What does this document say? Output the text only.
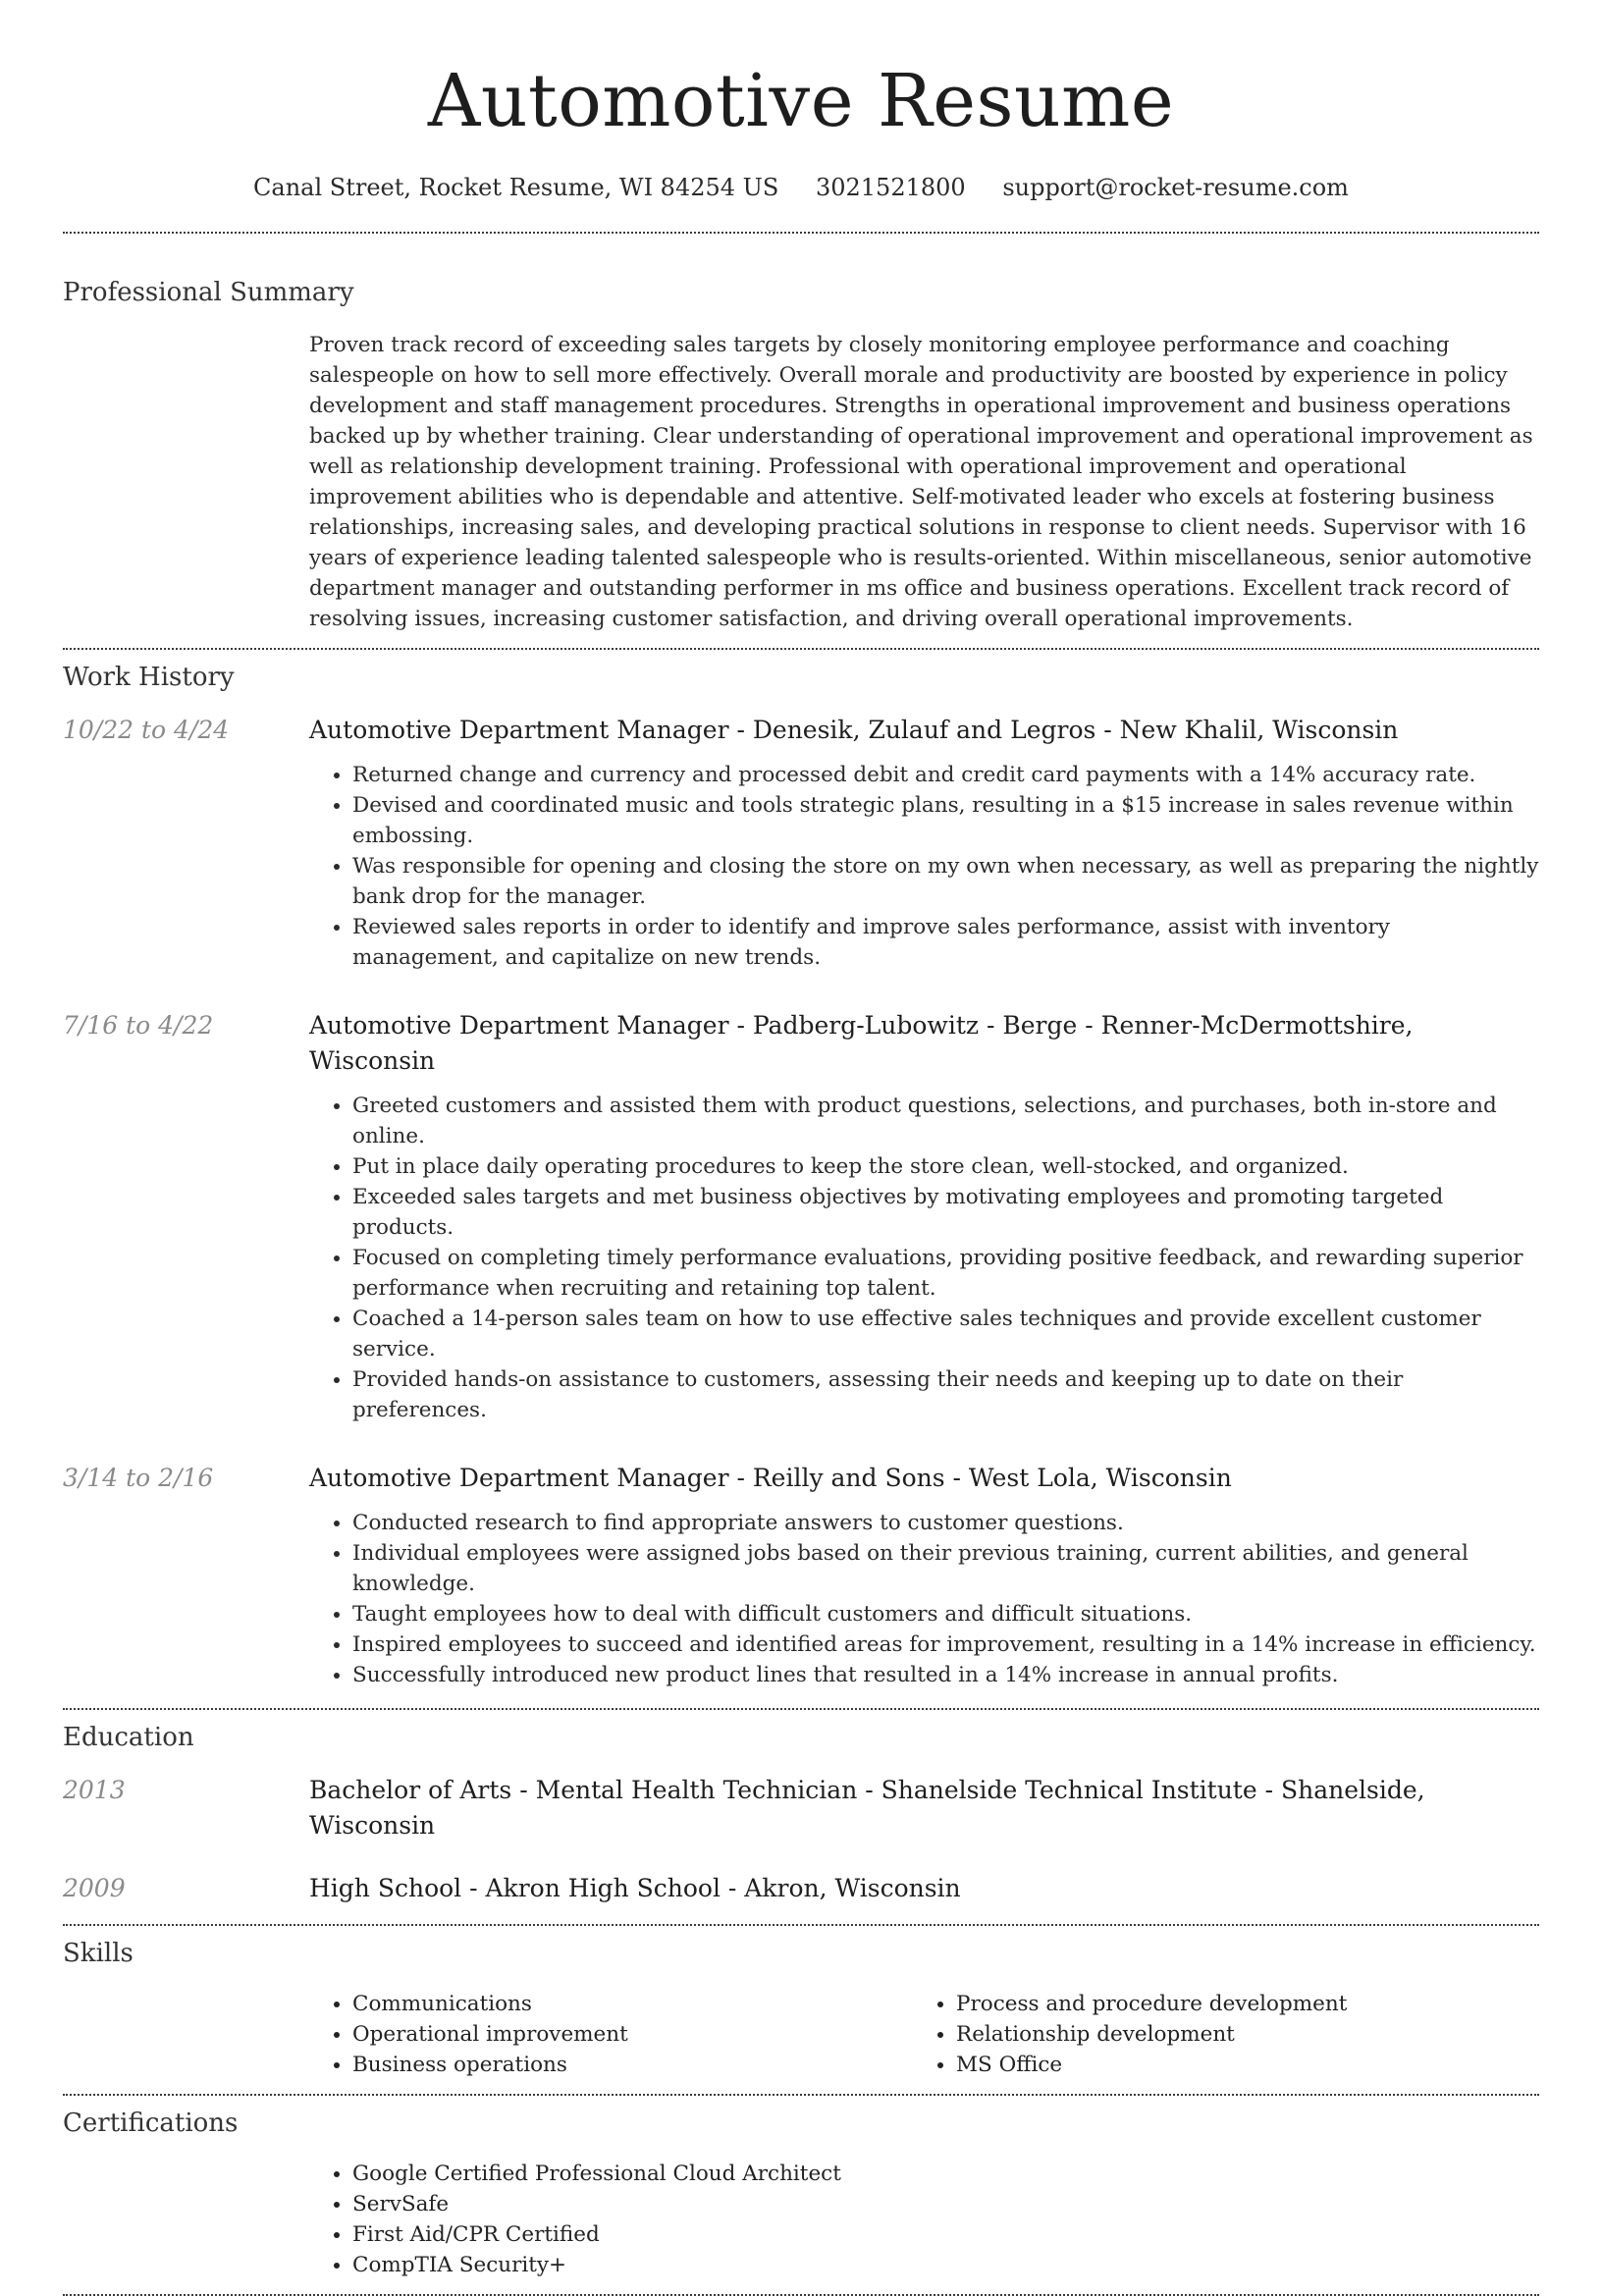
Automotive Resume
Canal Street, Rocket Resume, WI 84254 US 3021521800 support@rocket-resume.com
Professional Summary
Proven track record of exceeding sales targets by closely monitoring employee performance and coaching salespeople on how to sell more effectively. Overall morale and productivity are boosted by experience in policy development and staff management procedures. Strengths in operational improvement and business operations backed up by whether training. Clear understanding of operational improvement and operational improvement as well as relationship development training. Professional with operational improvement and operational improvement abilities who is dependable and attentive. Self-motivated leader who excels at fostering business relationships, increasing sales, and developing practical solutions in response to client needs. Supervisor with 16 years of experience leading talented salespeople who is results-oriented. Within miscellaneous, senior automotive department manager and outstanding performer in ms office and business operations. Excellent track record of resolving issues, increasing customer satisfaction, and driving overall operational improvements.
Work History
10/22 to 4/24	Automotive Department Manager - Denesik, Zulauf and Legros - New Khalil, Wisconsin
• Returned change and currency and processed debit and credit card payments with a 14% accuracy rate.
• Devised and coordinated music and tools strategic plans, resulting in a $15 increase in sales revenue within embossing.
• Was responsible for opening and closing the store on my own when necessary, as well as preparing the nightly bank drop for the manager.
• Reviewed sales reports in order to identify and improve sales performance, assist with inventory management, and capitalize on new trends.
7/16 to 4/22	Automotive Department Manager - Padberg-Lubowitz - Berge - Renner-McDermottshire, Wisconsin
• Greeted customers and assisted them with product questions, selections, and purchases, both in-store and online.
• Put in place daily operating procedures to keep the store clean, well-stocked, and organized.
• Exceeded sales targets and met business objectives by motivating employees and promoting targeted products.
• Focused on completing timely performance evaluations, providing positive feedback, and rewarding superior performance when recruiting and retaining top talent.
• Coached a 14-person sales team on how to use effective sales techniques and provide excellent customer service.
• Provided hands-on assistance to customers, assessing their needs and keeping up to date on their preferences.
3/14 to 2/16	Automotive Department Manager - Reilly and Sons - West Lola, Wisconsin
• Conducted research to find appropriate answers to customer questions.
• Individual employees were assigned jobs based on their previous training, current abilities, and general knowledge.
• Taught employees how to deal with difficult customers and difficult situations.
• Inspired employees to succeed and identified areas for improvement, resulting in a 14% increase in efficiency.
• Successfully introduced new product lines that resulted in a 14% increase in annual profits.
Education
2013	Bachelor of Arts - Mental Health Technician - Shanelside Technical Institute - Shanelside, Wisconsin
2009	High School - Akron High School - Akron, Wisconsin
Skills
• Communications
• Operational improvement
• Business operations
• Process and procedure development
• Relationship development
• MS Office
Certifications
• Google Certified Professional Cloud Architect
• ServSafe
• First Aid/CPR Certified
• CompTIA Security+
